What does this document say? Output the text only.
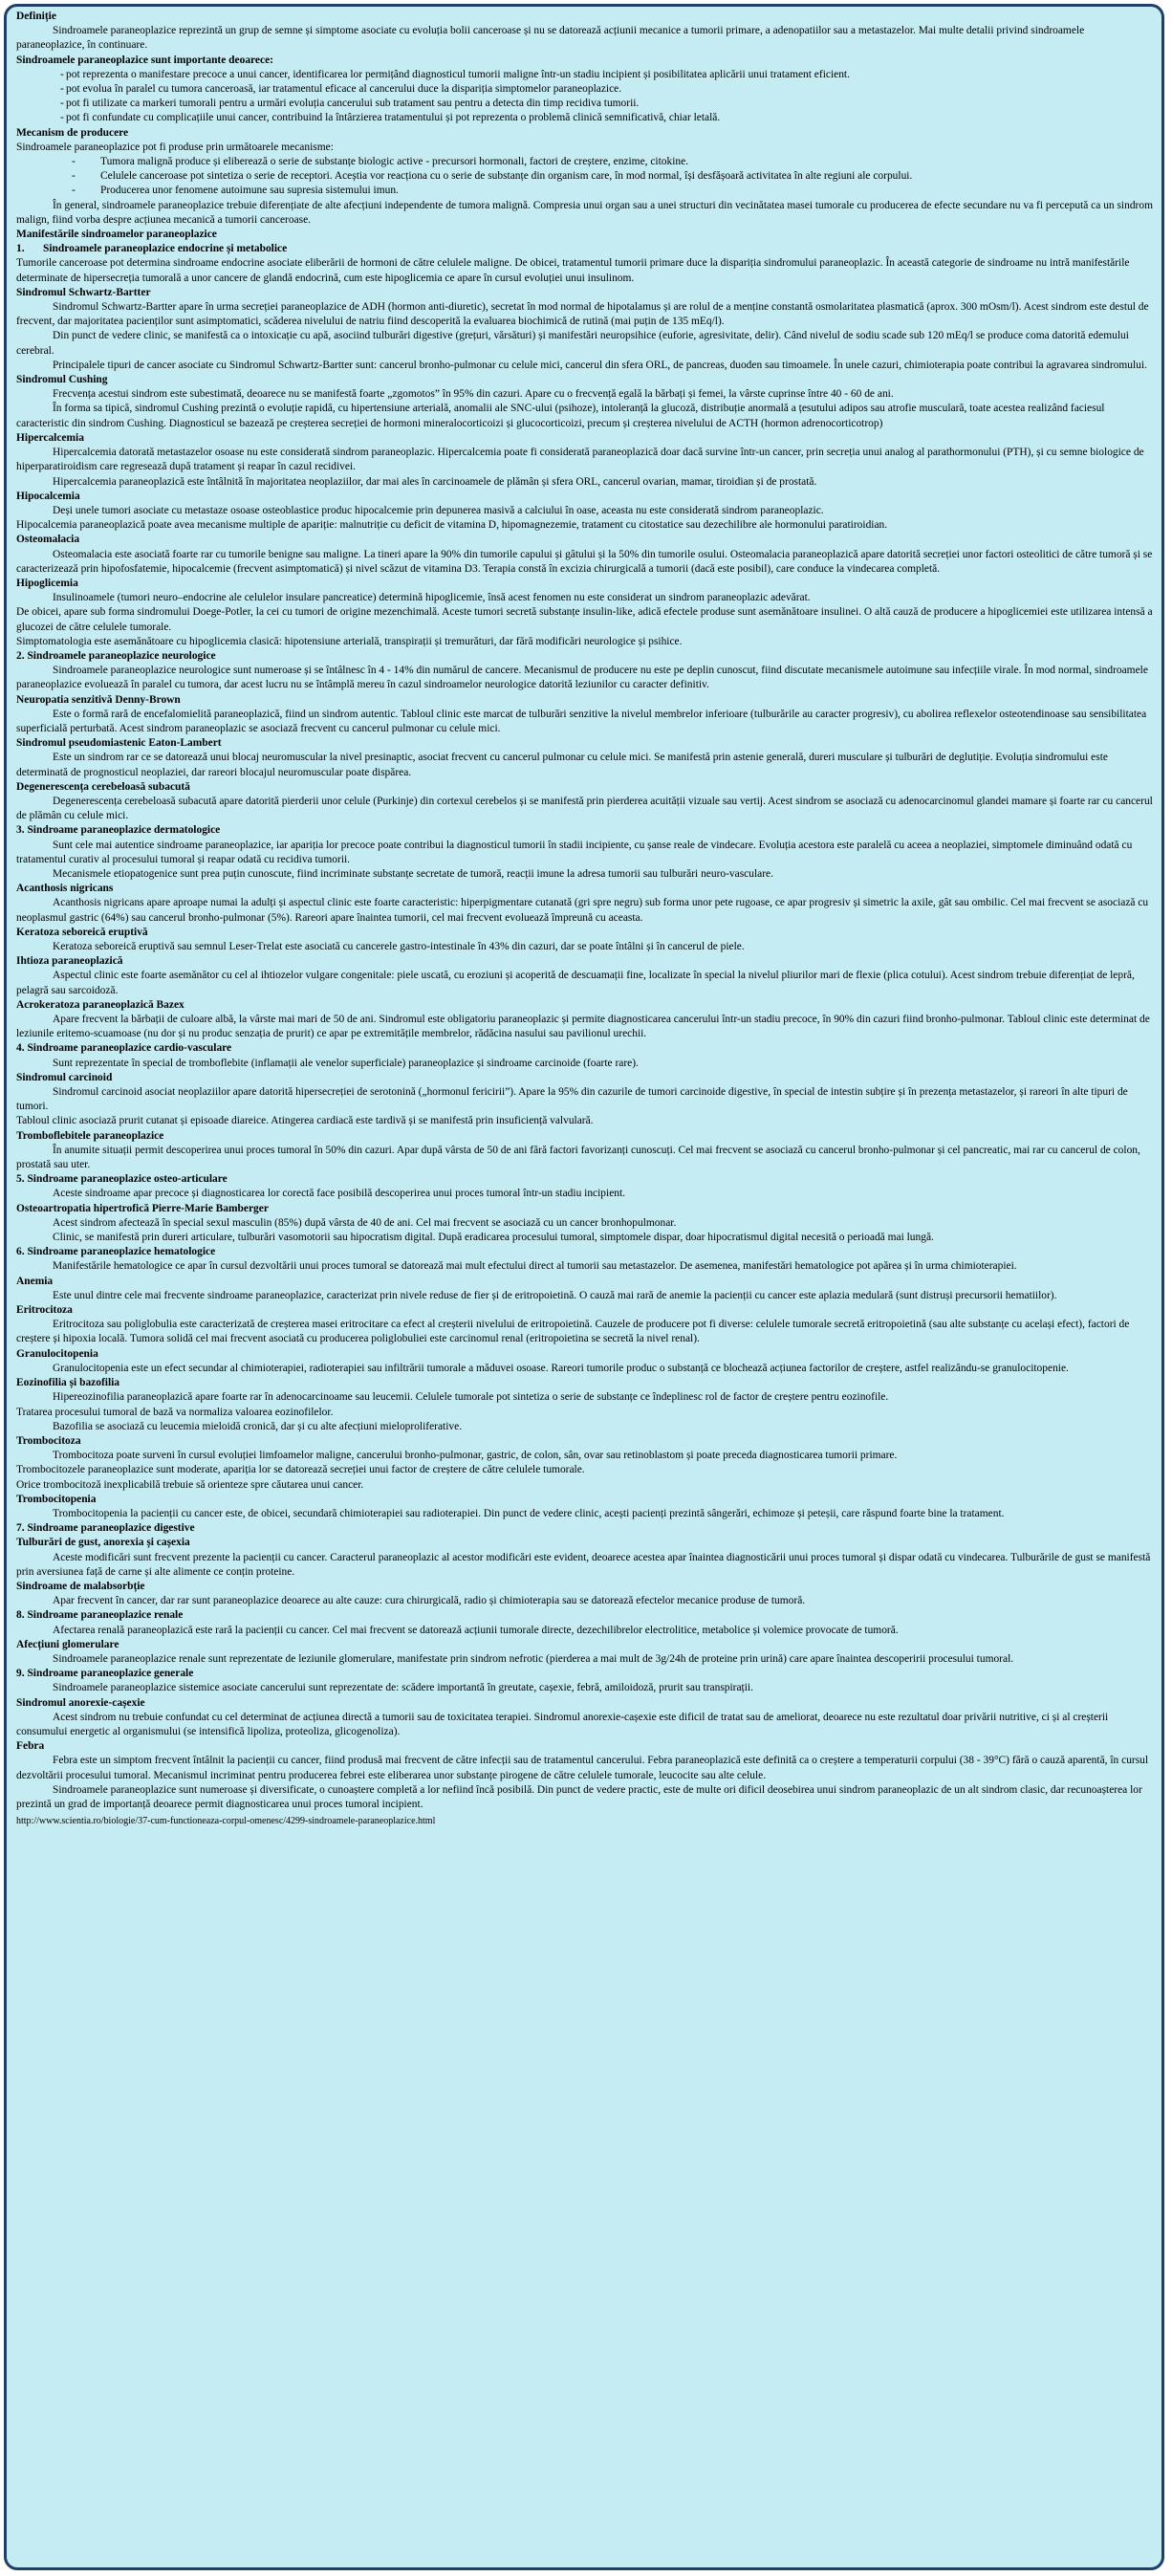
Definiție
Sindroamele paraneoplazice reprezintă un grup de semne și simptome asociate cu evoluția bolii canceroase și nu se datorează acțiunii mecanice a tumorii primare, a adenopatiilor sau a metastazelor. Mai multe detalii privind sindroamele paraneoplazice, în continuare.
Sindroamele paraneoplazice sunt importante deoarece:
- pot reprezenta o manifestare precoce a unui cancer, identificarea lor permițând diagnosticul tumorii maligne într-un stadiu incipient și posibilitatea aplicării unui tratament eficient.
- pot evolua în paralel cu tumora canceroasă, iar tratamentul eficace al cancerului duce la dispariția simptomelor paraneoplazice.
- pot fi utilizate ca markeri tumorali pentru a urmări evoluția cancerului sub tratament sau pentru a detecta din timp recidiva tumorii.
- pot fi confundate cu complicațiile unui cancer, contribuind la întârzierea tratamentului și pot reprezenta o problemă clinică semnificativă, chiar letală.
Mecanism de producere
Sindroamele paraneoplazice pot fi produse prin următoarele mecanisme:
- Tumora malignă produce și eliberează o serie de substanțe biologic active - precursori hormonali, factori de creștere, enzime, citokine.
- Celulele canceroase pot sintetiza o serie de receptori. Aceștia vor reacționa cu o serie de substanțe din organism care, în mod normal, își desfășoară activitatea în alte regiuni ale corpului.
- Producerea unor fenomene autoimune sau supresia sistemului imun.
În general, sindroamele paraneoplazice trebuie diferențiate de alte afecțiuni independente de tumora malignă. Compresia unui organ sau a unei structuri din vecinătatea masei tumorale cu producerea de efecte secundare nu va fi percepută ca un sindrom malign, fiind vorba despre acțiunea mecanică a tumorii canceroase.
Manifestările sindroamelor paraneoplazice
1. Sindroamele paraneoplazice endocrine și metabolice
Tumorile canceroase pot determina sindroame endocrine asociate eliberării de hormoni de către celulele maligne. De obicei, tratamentul tumorii primare duce la dispariția sindromului paraneoplazic. În această categorie de sindroame nu intră manifestările determinate de hipersecreția tumorală a unor cancere de glandă endocrină, cum este hipoglicemia ce apare în cursul evoluției unui insulinom.
Sindromul Schwartz-Bartter
Sindromul Schwartz-Bartter apare în urma secreției paraneoplazice de ADH (hormon anti-diuretic), secretat în mod normal de hipotalamus și are rolul de a menține constantă osmolaritatea plasmatică (aprox. 300 mOsm/l). Acest sindrom este destul de frecvent, dar majoritatea pacienților sunt asimptomatici, scăderea nivelului de natriu fiind descoperită la evaluarea biochimică de rutină (mai puțin de 135 mEq/l).
Din punct de vedere clinic, se manifestă ca o intoxicație cu apă, asociind tulburări digestive (grețuri, vărsături) și manifestări neuropsihice (euforie, agresivitate, delir). Când nivelul de sodiu scade sub 120 mEq/l se produce coma datorită edemului cerebral.
Principalele tipuri de cancer asociate cu Sindromul Schwartz-Bartter sunt: cancerul bronho-pulmonar cu celule mici, cancerul din sfera ORL, de pancreas, duoden sau timoamele. În unele cazuri, chimioterapia poate contribui la agravarea sindromului.
Sindromul Cushing
Frecvența acestui sindrom este subestimată, deoarece nu se manifestă foarte „zgomotos” în 95% din cazuri. Apare cu o frecvență egală la bărbați și femei, la vârste cuprinse între 40 - 60 de ani.
În forma sa tipică, sindromul Cushing prezintă o evoluție rapidă, cu hipertensiune arterială, anomalii ale SNC-ului (psihoze), intoleranță la glucoză, distribuție anormală a țesutului adipos sau atrofie musculară, toate acestea realizând faciesul caracteristic din sindrom Cushing. Diagnosticul se bazează pe creșterea secreției de hormoni mineralocorticoizi și glucocorticoizi, precum și creșterea nivelului de ACTH (hormon adrenocorticotrop)
Hipercalcemia
Hipercalcemia datorată metastazelor osoase nu este considerată sindrom paraneoplazic. Hipercalcemia poate fi considerată paraneoplazică doar dacă survine într-un cancer, prin secreția unui analog al parathormonului (PTH), și cu semne biologice de hiperparatiroidism care regresează după tratament și reapar în cazul recidivei.
Hipercalcemia paraneoplazică este întâlnită în majoritatea neoplaziilor, dar mai ales în carcinoamele de plămân și sfera ORL, cancerul ovarian, mamar, tiroidian și de prostată.
Hipocalcemia
Deși unele tumori asociate cu metastaze osoase osteoblastice produc hipocalcemie prin depunerea masivă a calciului în oase, aceasta nu este considerată sindrom paraneoplazic.
Hipocalcemia paraneoplazică poate avea mecanisme multiple de apariție: malnutriție cu deficit de vitamina D, hipomagnezemie, tratament cu citostatice sau dezechilibre ale hormonului paratiroidian.
Osteomalacia
Osteomalacia este asociată foarte rar cu tumorile benigne sau maligne. La tineri apare la 90% din tumorile capului și gâtului și la 50% din tumorile osului. Osteomalacia paraneoplazică apare datorită secreției unor factori osteolitici de către tumoră și se caracterizează prin hipofosfatemie, hipocalcemie (frecvent asimptomatică) și nivel scăzut de vitamina D3. Terapia constă în excizia chirurgicală a tumorii (dacă este posibil), care conduce la vindecarea completă.
Hipoglicemia
Insulinoamele (tumori neuro–endocrine ale celulelor insulare pancreatice) determină hipoglicemie, însă acest fenomen nu este considerat un sindrom paraneoplazic adevărat.
De obicei, apare sub forma sindromului Doege-Potler, la cei cu tumori de origine mezenchimală. Aceste tumori secretă substanțe insulin-like, adică efectele produse sunt asemănătoare insulinei. O altă cauză de producere a hipoglicemiei este utilizarea intensă a glucozei de către celulele tumorale.
Simptomatologia este asemănătoare cu hipoglicemia clasică: hipotensiune arterială, transpirații și tremurături, dar fără modificări neurologice și psihice.
2. Sindroamele paraneoplazice neurologice
Sindroamele paraneoplazice neurologice sunt numeroase și se întâlnesc în 4 - 14% din numărul de cancere. Mecanismul de producere nu este pe deplin cunoscut, fiind discutate mecanismele autoimune sau infecțiile virale. În mod normal, sindroamele paraneoplazice evoluează în paralel cu tumora, dar acest lucru nu se întâmplă mereu în cazul sindroamelor neurologice datorită leziunilor cu caracter definitiv.
Neuropatia senzitivă Denny-Brown
Este o formă rară de encefalomielită paraneoplazică, fiind un sindrom autentic. Tabloul clinic este marcat de tulburări senzitive la nivelul membrelor inferioare (tulburările au caracter progresiv), cu abolirea reflexelor osteotendinoase sau sensibilitatea superficială perturbată. Acest sindrom paraneoplazic se asociază frecvent cu cancerul pulmonar cu celule mici.
Sindromul pseudomiastenic Eaton-Lambert
Este un sindrom rar ce se datorează unui blocaj neuromuscular la nivel presinaptic, asociat frecvent cu cancerul pulmonar cu celule mici. Se manifestă prin astenie generală, dureri musculare și tulburări de deglutiție. Evoluția sindromului este determinată de prognosticul neoplaziei, dar rareori blocajul neuromuscular poate dispărea.
Degenerescența cerebeloasă subacută
Degenerescența cerebeloasă subacută apare datorită pierderii unor celule (Purkinje) din cortexul cerebelos și se manifestă prin pierderea acuității vizuale sau vertij. Acest sindrom se asociază cu adenocarcinomul glandei mamare și foarte rar cu cancerul de plămân cu celule mici.
3. Sindroame paraneoplazice dermatologice
Sunt cele mai autentice sindroame paraneoplazice, iar apariția lor precoce poate contribui la diagnosticul tumorii în stadii incipiente, cu șanse reale de vindecare. Evoluția acestora este paralelă cu aceea a neoplaziei, simptomele diminuând odată cu tratamentul curativ al procesului tumoral și reapar odată cu recidiva tumorii.
Mecanismele etiopatogenice sunt prea puțin cunoscute, fiind incriminate substanțe secretate de tumoră, reacții imune la adresa tumorii sau tulburări neuro-vasculare.
Acanthosis nigricans
Acanthosis nigricans apare aproape numai la adulți și aspectul clinic este foarte caracteristic: hiperpigmentare cutanată (gri spre negru) sub forma unor pete rugoase, ce apar progresiv și simetric la axile, gât sau ombilic. Cel mai frecvent se asociază cu neoplasmul gastric (64%) sau cancerul bronho-pulmonar (5%). Rareori apare înaintea tumorii, cel mai frecvent evoluează împreună cu aceasta.
Keratoza seboreică eruptivă
Keratoza seboreică eruptivă sau semnul Leser-Trelat este asociată cu cancerele gastro-intestinale în 43% din cazuri, dar se poate întâlni și în cancerul de piele.
Ihtioza paraneoplazică
Aspectul clinic este foarte asemănător cu cel al ihtiozelor vulgare congenitale: piele uscată, cu eroziuni și acoperită de descuamații fine, localizate în special la nivelul pliurilor mari de flexie (plica cotului). Acest sindrom trebuie diferențiat de lepră, pelagră sau sarcoidoză.
Acrokeratoza paraneoplazică Bazex
Apare frecvent la bărbații de culoare albă, la vârste mai mari de 50 de ani. Sindromul este obligatoriu paraneoplazic și permite diagnosticarea cancerului într-un stadiu precoce, în 90% din cazuri fiind bronho-pulmonar. Tabloul clinic este determinat de leziunile eritemo-scuamoase (nu dor și nu produc senzația de prurit) ce apar pe extremitățile membrelor, rădăcina nasului sau pavilionul urechii.
4. Sindroame paraneoplazice cardio-vasculare
Sunt reprezentate în special de tromboflebite (inflamații ale venelor superficiale) paraneoplazice și sindroame carcinoide (foarte rare).
Sindromul carcinoid
Sindromul carcinoid asociat neoplaziilor apare datorită hipersecreției de serotonină („hormonul fericirii”). Apare la 95% din cazurile de tumori carcinoide digestive, în special de intestin subțire și în prezența metastazelor, și rareori în alte tipuri de tumori.
Tabloul clinic asociază prurit cutanat și episoade diareice. Atingerea cardiacă este tardivă și se manifestă prin insuficiență valvulară.
Tromboflebitele paraneoplazice
În anumite situații permit descoperirea unui proces tumoral în 50% din cazuri. Apar după vârsta de 50 de ani fără factori favorizanți cunoscuți. Cel mai frecvent se asociază cu cancerul bronho-pulmonar și cel pancreatic, mai rar cu cancerul de colon, prostată sau uter.
5. Sindroame paraneoplazice osteo-articulare
Aceste sindroame apar precoce și diagnosticarea lor corectă face posibilă descoperirea unui proces tumoral într-un stadiu incipient.
Osteoartropatia hipertrofică Pierre-Marie Bamberger
Acest sindrom afectează în special sexul masculin (85%) după vârsta de 40 de ani. Cel mai frecvent se asociază cu un cancer bronhopulmonar.
Clinic, se manifestă prin dureri articulare, tulburări vasomotorii sau hipocratism digital. După eradicarea procesului tumoral, simptomele dispar, doar hipocratismul digital necesită o perioadă mai lungă.
6. Sindroame paraneoplazice hematologice
Manifestările hematologice ce apar în cursul dezvoltării unui proces tumoral se datorează mai mult efectului direct al tumorii sau metastazelor. De asemenea, manifestări hematologice pot apărea și în urma chimioterapiei.
Anemia
Este unul dintre cele mai frecvente sindroame paraneoplazice, caracterizat prin nivele reduse de fier și de eritropoietină. O cauză mai rară de anemie la pacienții cu cancer este aplazia medulară (sunt distruși precursorii hematiilor).
Eritrocitoza
Eritrocitoza sau poliglobulia este caracterizată de creșterea masei eritrocitare ca efect al creșterii nivelului de eritropoietină. Cauzele de producere pot fi diverse: celulele tumorale secretă eritropoietină (sau alte substanțe cu același efect), factori de creștere și hipoxia locală. Tumora solidă cel mai frecvent asociată cu producerea poliglobuliei este carcinomul renal (eritropoietina se secretă la nivel renal).
Granulocitopenia
Granulocitopenia este un efect secundar al chimioterapiei, radioterapiei sau infiltrării tumorale a măduvei osoase. Rareori tumorile produc o substanță ce blochează acțiunea factorilor de creștere, astfel realizându-se granulocitopenie.
Eozinofilia și bazofilia
Hipereozinofilia paraneoplazică apare foarte rar în adenocarcinoame sau leucemii. Celulele tumorale pot sintetiza o serie de substanțe ce îndeplinesc rol de factor de creștere pentru eozinofile.
Tratarea procesului tumoral de bază va normaliza valoarea eozinofilelor.
Bazofilia se asociază cu leucemia mieloidă cronică, dar și cu alte afecțiuni mieloproliferative.
Trombocitoza
Trombocitoza poate surveni în cursul evoluției limfoamelor maligne, cancerului bronho-pulmonar, gastric, de colon, sân, ovar sau retinoblastom și poate preceda diagnosticarea tumorii primare.
Trombocitozele paraneoplazice sunt moderate, apariția lor se datorează secreției unui factor de creștere de către celulele tumorale.
Orice trombocitoză inexplicabilă trebuie să orienteze spre căutarea unui cancer.
Trombocitopenia
Trombocitopenia la pacienții cu cancer este, de obicei, secundară chimioterapiei sau radioterapiei. Din punct de vedere clinic, acești pacienți prezintă sângerări, echimoze și peteșii, care răspund foarte bine la tratament.
7. Sindroame paraneoplazice digestive
Tulburări de gust, anorexia și cașexia
Aceste modificări sunt frecvent prezente la pacienții cu cancer. Caracterul paraneoplazic al acestor modificări este evident, deoarece acestea apar înaintea diagnosticării unui proces tumoral și dispar odată cu vindecarea. Tulburările de gust se manifestă prin aversiunea față de carne și alte alimente ce conțin proteine.
Sindroame de malabsorbție
Apar frecvent în cancer, dar rar sunt paraneoplazice deoarece au alte cauze: cura chirurgicală, radio și chimioterapia sau se datorează efectelor mecanice produse de tumoră.
8. Sindroame paraneoplazice renale
Afectarea renală paraneoplazică este rară la pacienții cu cancer. Cel mai frecvent se datorează acțiunii tumorale directe, dezechilibrelor electrolitice, metabolice și volemice provocate de tumoră.
Afecțiuni glomerulare
Sindroamele paraneoplazice renale sunt reprezentate de leziunile glomerulare, manifestate prin sindrom nefrotic (pierderea a mai mult de 3g/24h de proteine prin urină) care apare înaintea descoperirii procesului tumoral.
9. Sindroame paraneoplazice generale
Sindroamele paraneoplazice sistemice asociate cancerului sunt reprezentate de: scădere importantă în greutate, cașexie, febră, amiloidoză, prurit sau transpirații.
Sindromul anorexie-cașexie
Acest sindrom nu trebuie confundat cu cel determinat de acțiunea directă a tumorii sau de toxicitatea terapiei. Sindromul anorexie-cașexie este dificil de tratat sau de ameliorat, deoarece nu este rezultatul doar privării nutritive, ci și al creșterii consumului energetic al organismului (se intensifică lipoliza, proteoliza, glicogenoliza).
Febra
Febra este un simptom frecvent întâlnit la pacienții cu cancer, fiind produsă mai frecvent de către infecții sau de tratamentul cancerului. Febra paraneoplazică este definită ca o creștere a temperaturii corpului (38 - 39°C) fără o cauză aparentă, în cursul dezvoltării procesului tumoral. Mecanismul incriminat pentru producerea febrei este eliberarea unor substanțe pirogene de către celulele tumorale, leucocite sau alte celule.
Sindroamele paraneoplazice sunt numeroase și diversificate, o cunoaștere completă a lor nefiind încă posibilă. Din punct de vedere practic, este de multe ori dificil deosebirea unui sindrom paraneoplazic de un alt sindrom clasic, dar recunoașterea lor prezintă un grad de importanță deoarece permit diagnosticarea unui proces tumoral incipient.
http://www.scientia.ro/biologie/37-cum-functioneaza-corpul-omenesc/4299-sindroamele-paraneoplazice.html
